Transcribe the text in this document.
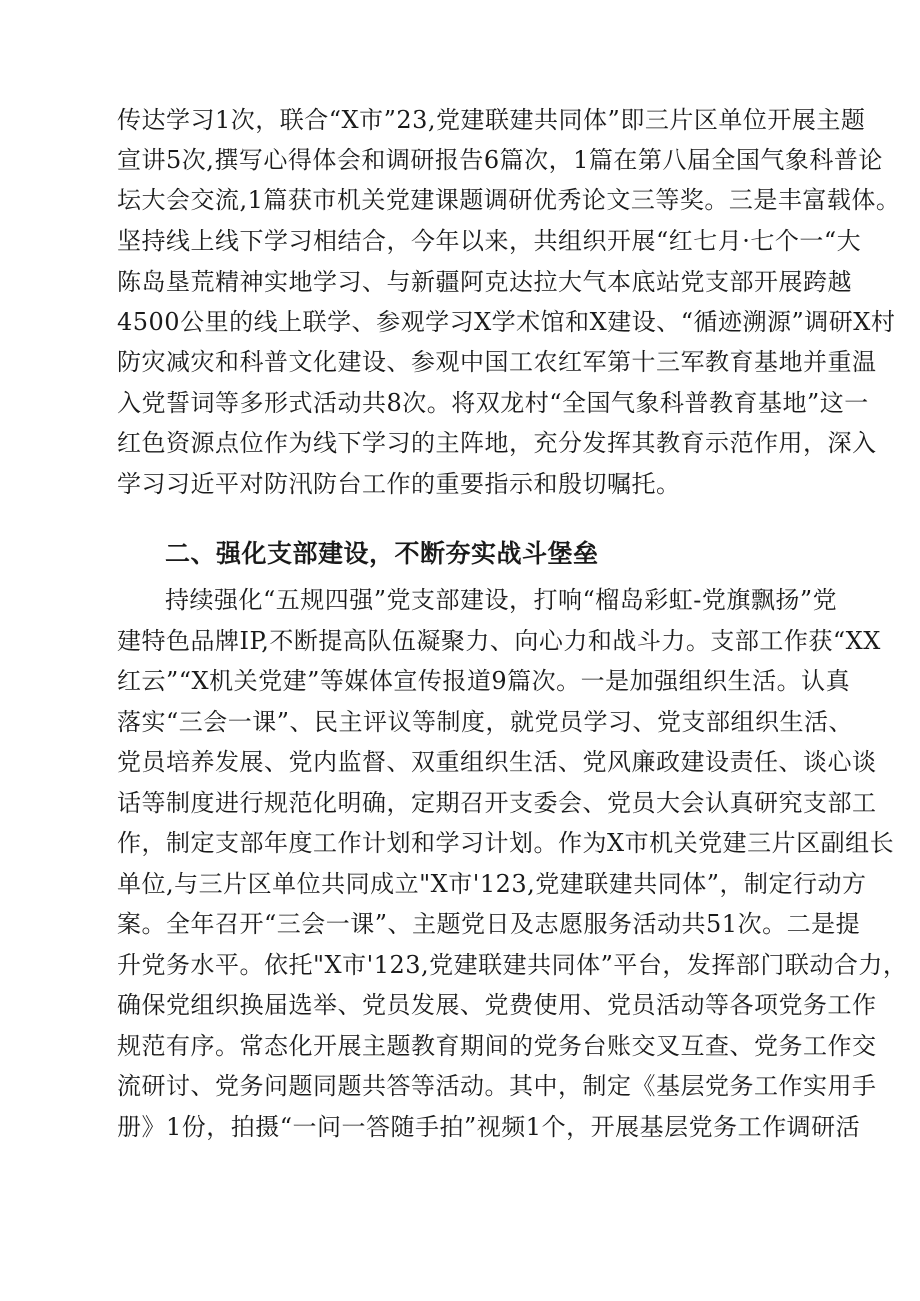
传达学习1次，联合“X市”23,党建联建共同体”即三片区单位开展主题
宣讲5次,撰写心得体会和调研报告6篇次，1篇在第八届全国气象科普论
坛大会交流,1篇获市机关党建课题调研优秀论文三等奖。三是丰富载体。
坚持线上线下学习相结合，今年以来，共组织开展“红七月·七个一“大
陈岛垦荒精神实地学习、与新疆阿克达拉大气本底站党支部开展跨越
4500公里的线上联学、参观学习X学术馆和X建设、“循迹溯源”调研X村
防灾减灾和科普文化建设、参观中国工农红军第十三军教育基地并重温
入党誓词等多形式活动共8次。将双龙村“全国气象科普教育基地”这一
红色资源点位作为线下学习的主阵地，充分发挥其教育示范作用，深入
学习习近平对防汛防台工作的重要指示和殷切嘱托。
二、强化支部建设，不断夯实战斗堡垒
持续强化“五规四强”党支部建设，打响“榴岛彩虹-党旗飘扬”党
建特色品牌IP,不断提高队伍凝聚力、向心力和战斗力。支部工作获“XX
红云”“X机关党建”等媒体宣传报道9篇次。一是加强组织生活。认真
落实“三会一课”、民主评议等制度，就党员学习、党支部组织生活、
党员培养发展、党内监督、双重组织生活、党风廉政建设责任、谈心谈
话等制度进行规范化明确，定期召开支委会、党员大会认真研究支部工
作，制定支部年度工作计划和学习计划。作为X市机关党建三片区副组长
单位,与三片区单位共同成立"X市'123,党建联建共同体”，制定行动方
案。全年召开“三会一课”、主题党日及志愿服务活动共51次。二是提
升党务水平。依托"X市'123,党建联建共同体”平台，发挥部门联动合力，
确保党组织换届选举、党员发展、党费使用、党员活动等各项党务工作
规范有序。常态化开展主题教育期间的党务台账交叉互查、党务工作交
流研讨、党务问题同题共答等活动。其中，制定《基层党务工作实用手
册》1份，拍摄“一问一答随手拍”视频1个，开展基层党务工作调研活
